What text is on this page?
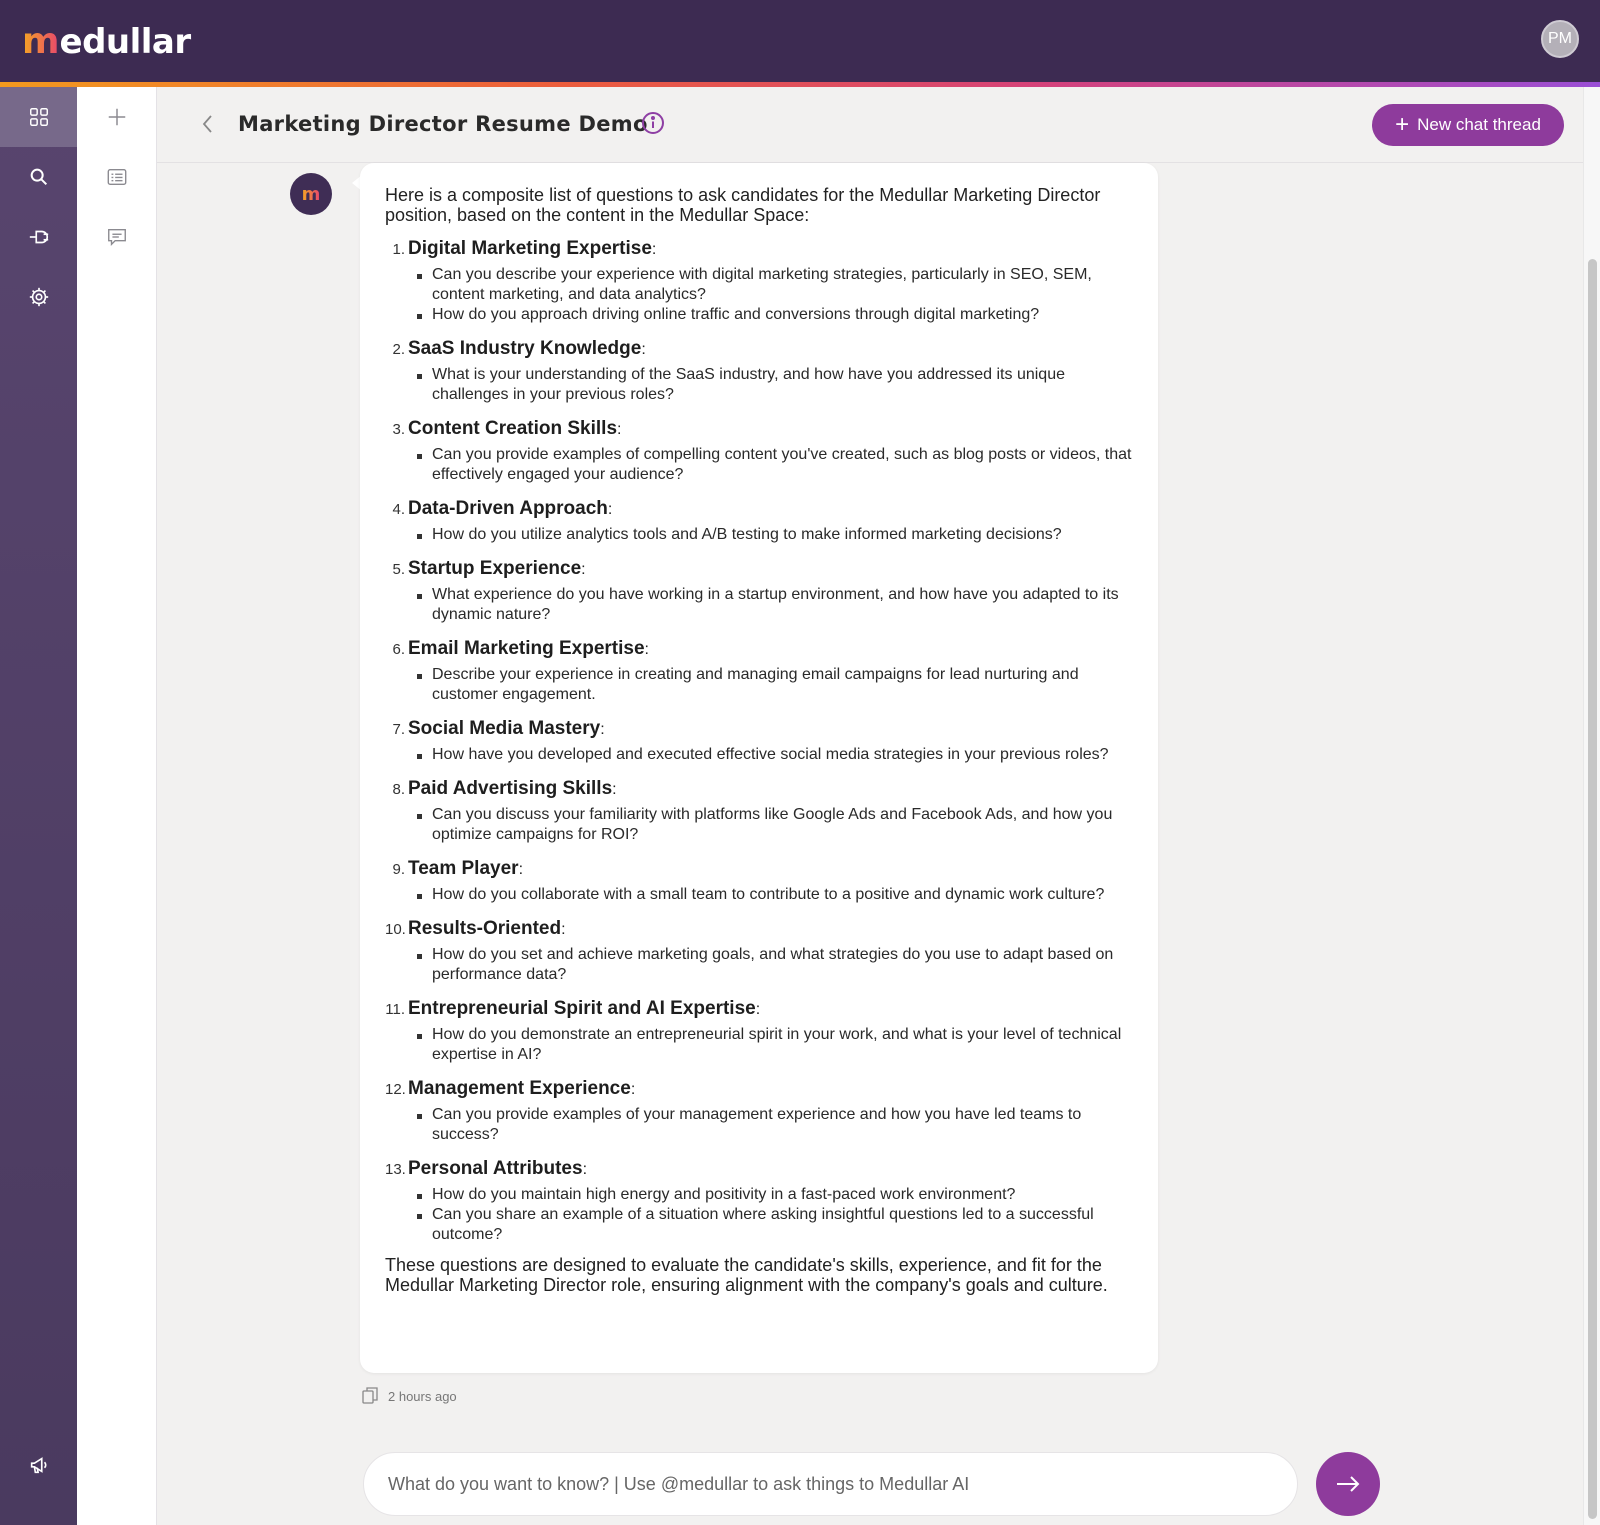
m edullar	PM
Marketing Director Resume Demo	+ New chat thread
m	Here is a composite list of questions to ask candidates for the Medullar Marketing Director position, based on the content in the Medullar Space:

1. Digital Marketing Expertise:
Can you describe your experience with digital marketing strategies, particularly in SEO, SEM, content marketing, and data analytics?
How do you approach driving online traffic and conversions through digital marketing?
2. SaaS Industry Knowledge:
What is your understanding of the SaaS industry, and how have you addressed its unique challenges in your previous roles?
3. Content Creation Skills:
Can you provide examples of compelling content you've created, such as blog posts or videos, that effectively engaged your audience?
4. Data-Driven Approach:
How do you utilize analytics tools and A/B testing to make informed marketing decisions?
5. Startup Experience:
What experience do you have working in a startup environment, and how have you adapted to its dynamic nature?
6. Email Marketing Expertise:
Describe your experience in creating and managing email campaigns for lead nurturing and customer engagement.
7. Social Media Mastery:
How have you developed and executed effective social media strategies in your previous roles?
8. Paid Advertising Skills:
Can you discuss your familiarity with platforms like Google Ads and Facebook Ads, and how you optimize campaigns for ROI?
9. Team Player:
How do you collaborate with a small team to contribute to a positive and dynamic work culture?
10. Results-Oriented:
How do you set and achieve marketing goals, and what strategies do you use to adapt based on performance data?
11. Entrepreneurial Spirit and AI Expertise:
How do you demonstrate an entrepreneurial spirit in your work, and what is your level of technical expertise in AI?
12. Management Experience:
Can you provide examples of your management experience and how you have led teams to success?
13. Personal Attributes:
How do you maintain high energy and positivity in a fast-paced work environment?
Can you share an example of a situation where asking insightful questions led to a successful outcome?

These questions are designed to evaluate the candidate's skills, experience, and fit for the Medullar Marketing Director role, ensuring alignment with the company's goals and culture.

2 hours ago
What do you want to know? | Use @medullar to ask things to Medullar AI
